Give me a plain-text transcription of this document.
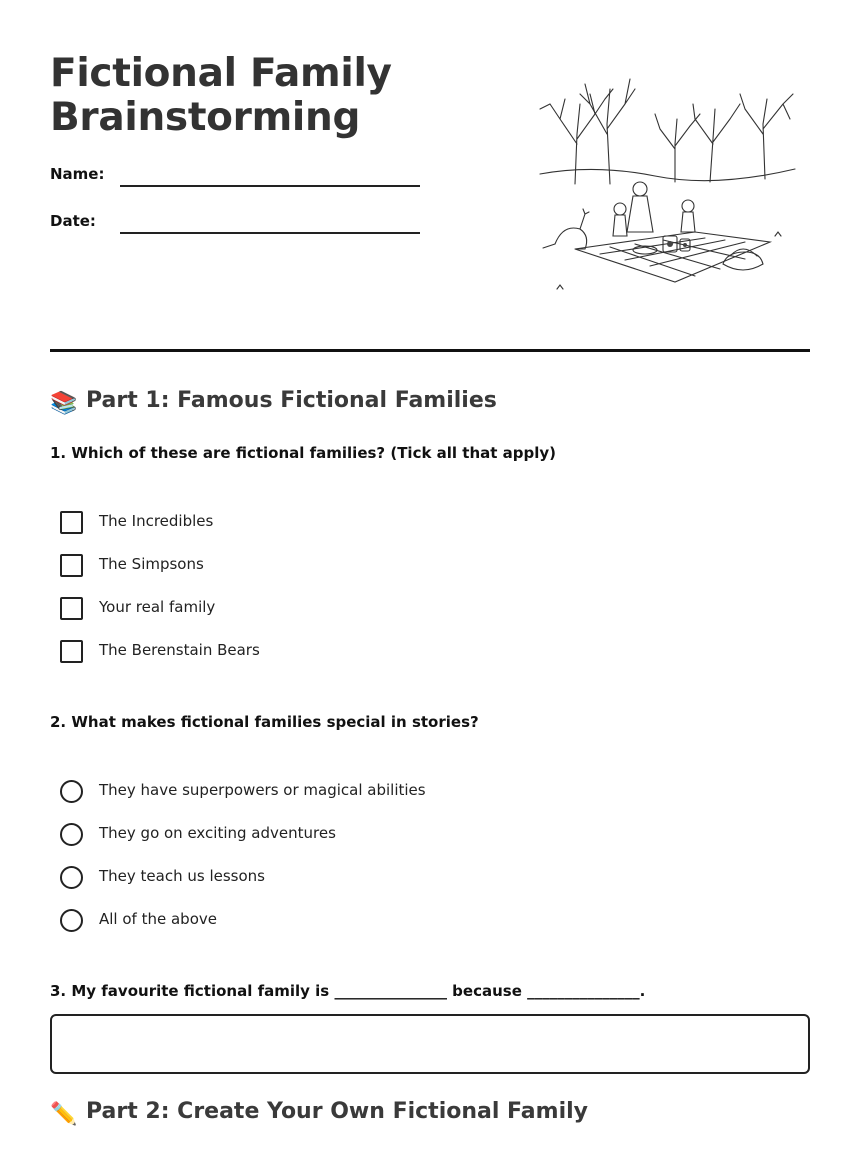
Fictional Family
Brainstorming
Name:
Date:
📚 Part 1: Famous Fictional Families
1. Which of these are fictional families? (Tick all that apply)
The Incredibles
The Simpsons
Your real family
The Berenstain Bears
2. What makes fictional families special in stories?
They have superpowers or magical abilities
They go on exciting adventures
They teach us lessons
All of the above
3. My favourite fictional family is _______________ because _______________.
✏️ Part 2: Create Your Own Fictional Family
